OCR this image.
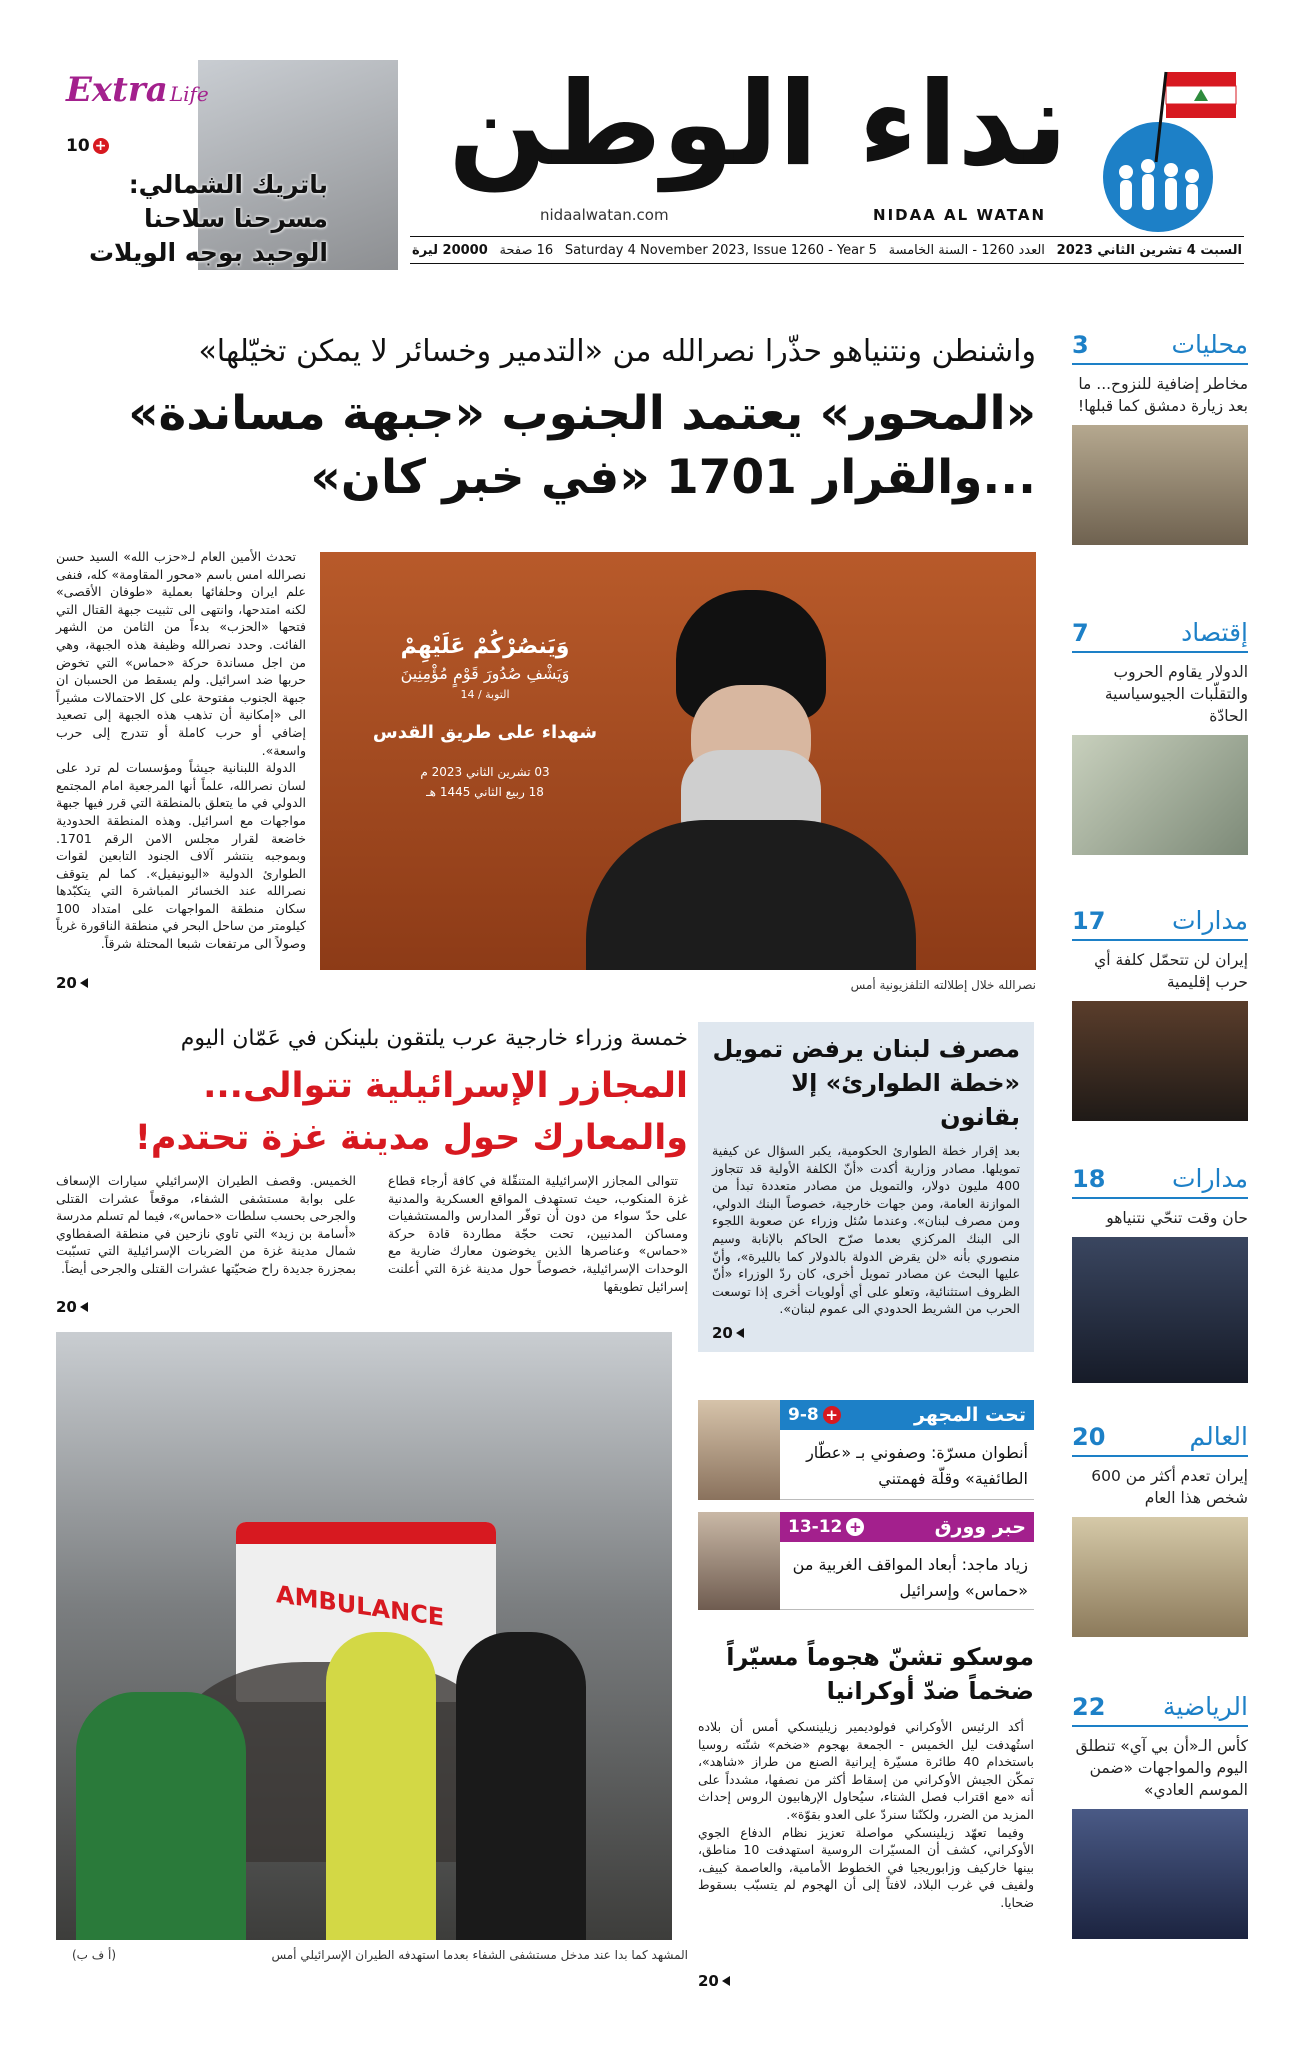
نداء الوطن
NIDAA AL WATAN
nidaalwatan.com
السبت 4 تشرين الثاني 2023
العدد 1260 - السنة الخامسة
Saturday 4 November 2023, Issue 1260 - Year 5
16 صفحة
20000 ليرة
Extra Life
10 +
باتريك الشمالي:
مسرحنا سلاحنا
الوحيد بوجه الويلات
محليات
3
مخاطر إضافية للنزوح... ما بعد زيارة دمشق كما قبلها!
إقتصاد
7
الدولار يقاوم الحروب والتقلّبات الجيوسياسية الحادّة
مدارات
17
إيران لن تتحمّل كلفة أي حرب إقليمية
مدارات
18
حان وقت تنحّي نتنياهو
العالم
20
إيران تعدم أكثر من 600 شخص هذا العام
الرياضية
22
كأس الـ«أن بي آي» تنطلق اليوم والمواجهات «ضمن الموسم العادي»
واشنطن ونتنياهو حذّرا نصرالله من «التدمير وخسائر لا يمكن تخيّلها»
«المحور» يعتمد الجنوب «جبهة مساندة»
...والقرار 1701 «في خبر كان»

تحدث الأمين العام لـ«حزب الله» السيد حسن نصرالله امس باسم «محور المقاومة» كله، فنفى علم ايران وحلفائها بعملية «طوفان الأقصى» لكنه امتدحها، وانتهى الى تثبيت جبهة القتال التي فتحها «الحزب» بدءاً من الثامن من الشهر الفائت. وحدد نصرالله وظيفة هذه الجبهة، وهي من اجل مساندة حركة «حماس» التي تخوض حربها ضد اسرائيل. ولم يسقط من الحسبان ان جبهة الجنوب مفتوحة على كل الاحتمالات مشيراً الى «إمكانية أن تذهب هذه الجبهة إلى تصعيد إضافي أو حرب كاملة أو تتدرج إلى حرب واسعة».

الدولة اللبنانية جيشاً ومؤسسات لم ترد على لسان نصرالله، علماً أنها المرجعية امام المجتمع الدولي في ما يتعلق بالمنطقة التي قرر فيها جبهة مواجهات مع اسرائيل. وهذه المنطقة الحدودية خاضعة لقرار مجلس الامن الرقم 1701. وبموجبه ينتشر آلاف الجنود التابعين لقوات الطوارئ الدولية «اليونيفيل». كما لم يتوقف نصرالله عند الخسائر المباشرة التي يتكبّدها سكان منطقة المواجهات على امتداد 100 كيلومتر من ساحل البحر في منطقة الناقورة غرباً وصولاً الى مرتفعات شبعا المحتلة شرقاً.

20
وَيَنصُرْكُمْ عَلَيْهِمْ
وَيَشْفِ صُدُورَ قَوْمٍ مُؤْمِنِينَ
التوبة / 14
شهداء على طريق القدس
03 تشرين الثاني 2023 م
18 ربيع الثاني 1445 هـ
نصرالله خلال إطلالته التلفزيونية أمس
خمسة وزراء خارجية عرب يلتقون بلينكن في عَمّان اليوم
المجازر الإسرائيلية تتوالى...
والمعارك حول مدينة غزة تحتدم!
تتوالى المجازر الإسرائيلية المتنقّلة في كافة أرجاء قطاع غزة المنكوب، حيث تستهدف المواقع العسكرية والمدنية على حدّ سواء من دون أن توفّر المدارس والمستشفيات ومساكن المدنيين، تحت حجّة مطاردة قادة حركة «حماس» وعناصرها الذين يخوضون معارك ضارية مع الوحدات الإسرائيلية، خصوصاً حول مدينة غزة التي أعلنت إسرائيل تطويقها
الخميس. وقصف الطيران الإسرائيلي سيارات الإسعاف على بوابة مستشفى الشفاء، موقعاً عشرات القتلى والجرحى بحسب سلطات «حماس»، فيما لم تسلم مدرسة «أسامة بن زيد» التي تاوي نازحين في منطقة الصفطاوي شمال مدينة غزة من الضربات الإسرائيلية التي تسبّبت بمجزرة جديدة راح ضحيّتها عشرات القتلى والجرحى أيضاً.
20
AMBULANCE
المشهد كما بدا عند مدخل مستشفى الشفاء بعدما استهدفه الطيران الإسرائيلي أمس
(أ ف ب)
مصرف لبنان يرفض تمويل
«خطة الطوارئ» إلا بقانون
بعد إقرار خطة الطوارئ الحكومية، يكبر السؤال عن كيفية تمويلها. مصادر وزارية أكدت «أنّ الكلفة الأولية قد تتجاوز 400 مليون دولار، والتمويل من مصادر متعددة تبدأ من الموازنة العامة، ومن جهات خارجية، خصوصاً البنك الدولي، ومن مصرف لبنان». وعندما سُئل وزراء عن صعوبة اللجوء الى البنك المركزي بعدما صرّح الحاكم بالإنابة وسيم منصوري بأنه «لن يقرض الدولة بالدولار كما بالليرة»، وأنّ عليها البحث عن مصادر تمويل أخرى، كان ردّ الوزراء «أنّ الظروف استثنائية، وتعلو على أي أولويات أخرى إذا توسعت الحرب من الشريط الحدودي الى عموم لبنان».
20
تحت المجهر
9-8 +
أنطوان مسرّة: وصفوني بـ «عطّار الطائفية» وقلّة فهمتني
حبر وورق
13-12 +
زياد ماجد: أبعاد المواقف الغربية من «حماس» وإسرائيل
موسكو تشنّ هجوماً مسيّراً
ضخماً ضدّ أوكرانيا

أكد الرئيس الأوكراني فولوديمير زيلينسكي أمس أن بلاده استُهدفت ليل الخميس - الجمعة بهجوم «ضخم» شنّته روسيا باستخدام 40 طائرة مسيّرة إيرانية الصنع من طراز «شاهد»، تمكّن الجيش الأوكراني من إسقاط أكثر من نصفها، مشدداً على أنه «مع اقتراب فصل الشتاء، سيُحاول الإرهابيون الروس إحداث المزيد من الضرر، ولكنّنا سنردّ على العدو بقوّة».

وفيما تعهّد زيلينسكي مواصلة تعزيز نظام الدفاع الجوي الأوكراني، كشف أن المسيّرات الروسية استهدفت 10 مناطق، بينها خاركيف وزابوريجيا في الخطوط الأمامية، والعاصمة كييف، ولفيف في غرب البلاد، لافتاً إلى أن الهجوم لم يتسبّب بسقوط ضحايا.

20
